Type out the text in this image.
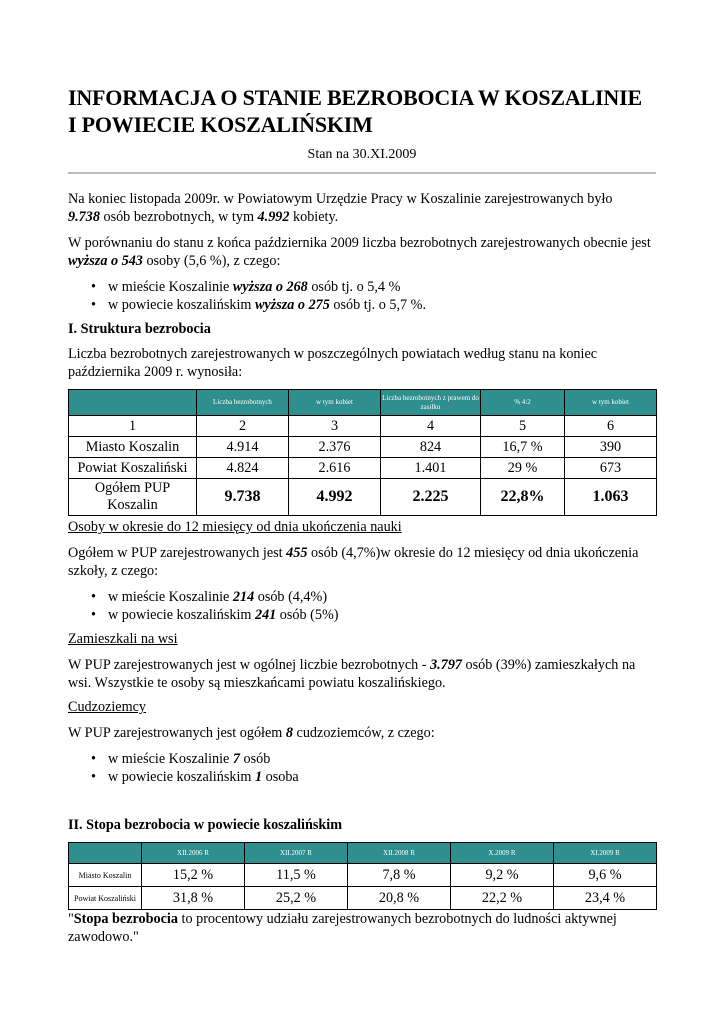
INFORMACJA O STANIE BEZROBOCIA W KOSZALINIE
I POWIECIE KOSZALIŃSKIM
Stan na 30.XI.2009

Na koniec listopada 2009r. w Powiatowym Urzędzie Pracy w Koszalinie zarejestrowanych było
9.738 osób bezrobotnych, w tym 4.992 kobiety.

W porównaniu do stanu z końca października 2009 liczba bezrobotnych zarejestrowanych obecnie jest wyższa o 543 osoby (5,6 %), z czego:

• w mieście Koszalinie wyższa o 268 osób tj. o 5,4 %
• w powiecie koszalińskim wyższa o 275 osób tj. o 5,7 %.
I. Struktura bezrobocia

Liczba bezrobotnych zarejestrowanych w poszczególnych powiatach według stanu na koniec października 2009 r. wynosiła:

	Liczba bezrobotnych	w tym kobiet	Liczba bezrobotnych z prawem do zasiłku	% 4:2	w tym kobiet
1	2	3	4	5	6
Miasto Koszalin	4.914	2.376	824	16,7 %	390
Powiat Koszaliński	4.824	2.616	1.401	29 %	673
Ogółem PUP Koszalin	9.738	4.992	2.225	22,8%	1.063

Osoby w okresie do 12 miesięcy od dnia ukończenia nauki

Ogółem w PUP zarejestrowanych jest 455 osób (4,7%)w okresie do 12 miesięcy od dnia ukończenia szkoły, z czego:

• w mieście Koszalinie 214 osób (4,4%)
• w powiecie koszalińskim 241 osób (5%)

Zamieszkali na wsi

W PUP zarejestrowanych jest w ogólnej liczbie bezrobotnych - 3.797 osób (39%) zamieszkałych na wsi. Wszystkie te osoby są mieszkańcami powiatu koszalińskiego.

Cudzoziemcy

W PUP zarejestrowanych jest ogółem 8 cudzoziemców, z czego:

• w mieście Koszalinie 7 osób
• w powiecie koszalińskim 1 osoba
II. Stopa bezrobocia w powiecie koszalińskim
	XII.2006 R	XII.2007 R	XII.2008 R	X.2009 R	XI.2009 R
Miasto Koszalin	15,2 %	11,5 %	7,8 %	9,2 %	9,6 %
Powiat Koszaliński	31,8 %	25,2 %	20,8 %	22,2 %	23,4 %

"Stopa bezrobocia to procentowy udziału zarejestrowanych bezrobotnych do ludności aktywnej zawodowo."
